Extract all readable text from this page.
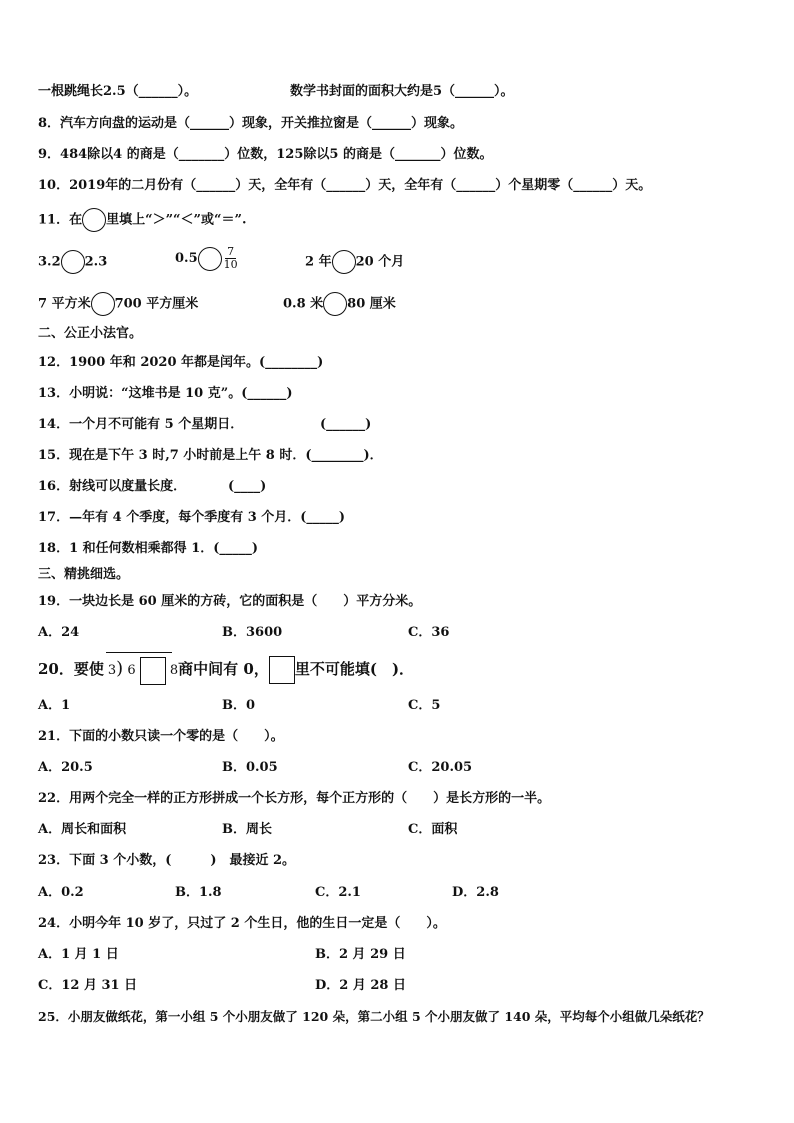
一根跳绳长2.5（______）。	数学书封面的面积大约是5（______）。
8．汽车方向盘的运动是（______）现象，开关推拉窗是（______）现象。
9．484除以4 的商是（_______）位数，125除以5 的商是（_______）位数。
10．2019年的二月份有（______）天，全年有（______）天，全年有（______）个星期零（______）天。
11．在 里填上“＞”“＜”或“＝”.
3.2 2.3	$0.5 \frac{7}{10}$	2 年 20 个月
7 平方米 700 平方厘米	0.8 米 80 厘米
二、公正小法官。
12．1900 年和 2020 年都是闰年。(________)
13．小明说：“这堆书是 10 克”。(______)
14．一个月不可能有 5 个星期日．	(______)
15．现在是下午 3 时,7 小时前是上午 8 时．(________)．
16．射线可以度量长度．	(____)
17．—年有 4 个季度，每个季度有 3 个月．(_____)
18．1 和任何数相乘都得 1．(_____)
三、精挑细选。
19．一块边长是 60 厘米的方砖，它的面积是（　　）平方分米。
A．24	B．3600	C．36
20．要使 3) 6	8商中间有 0， 里不可能填(　)．
A．1	B．0	C．5
21．下面的小数只读一个零的是（　　）。
A．20.5	B．0.05	C．20.05
22．用两个完全一样的正方形拼成一个长方形，每个正方形的（　　）是长方形的一半。
A．周长和面积	B．周长	C．面积
23．下面 3 个小数，(　　　)　最接近 2。
A．0.2	B．1.8	C．2.1	D．2.8
24．小明今年 10 岁了，只过了 2 个生日，他的生日一定是（　　）。
A．1 月 1 日	B．2 月 29 日
C．12 月 31 日	D．2 月 28 日
25．小朋友做纸花，第一小组 5 个小朋友做了 120 朵，第二小组 5 个小朋友做了 140 朵，平均每个小组做几朵纸花？
